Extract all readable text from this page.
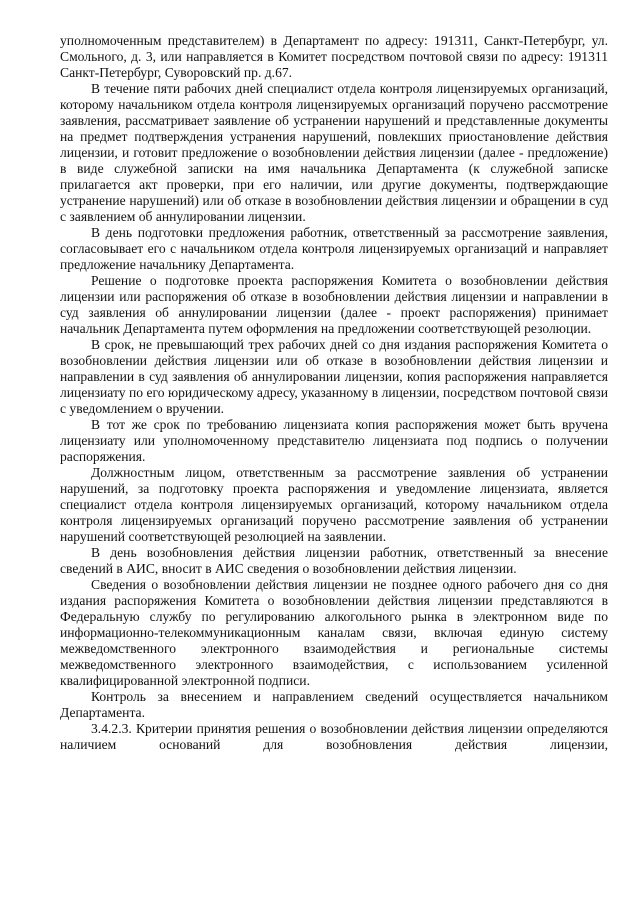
уполномоченным представителем) в Департамент по адресу: 191311, Санкт-Петербург, ул. Смольного, д. 3, или направляется в Комитет посредством почтовой связи по адресу: 191311 Санкт-Петербург, Суворовский пр. д.67.

В течение пяти рабочих дней специалист отдела контроля лицензируемых организаций, которому начальником отдела контроля лицензируемых организаций поручено рассмотрение заявления, рассматривает заявление об устранении нарушений и представленные документы на предмет подтверждения устранения нарушений, повлекших приостановление действия лицензии, и готовит предложение о возобновлении действия лицензии (далее - предложение) в виде служебной записки на имя начальника Департамента (к служебной записке прилагается акт проверки, при его наличии, или другие документы, подтверждающие устранение нарушений) или об отказе в возобновлении действия лицензии и обращении в суд с заявлением об аннулировании лицензии.

В день подготовки предложения работник, ответственный за рассмотрение заявления, согласовывает его с начальником отдела контроля лицензируемых организаций и направляет предложение начальнику Департамента.

Решение о подготовке проекта распоряжения Комитета о возобновлении действия лицензии или распоряжения об отказе в возобновлении действия лицензии и направлении в суд заявления об аннулировании лицензии (далее - проект распоряжения) принимает начальник Департамента путем оформления на предложении соответствующей резолюции.

В срок, не превышающий трех рабочих дней со дня издания распоряжения Комитета о возобновлении действия лицензии или об отказе в возобновлении действия лицензии и направлении в суд заявления об аннулировании лицензии, копия распоряжения направляется лицензиату по его юридическому адресу, указанному в лицензии, посредством почтовой связи с уведомлением о вручении.

В тот же срок по требованию лицензиата копия распоряжения может быть вручена лицензиату или уполномоченному представителю лицензиата под подпись о получении распоряжения.

Должностным лицом, ответственным за рассмотрение заявления об устранении нарушений, за подготовку проекта распоряжения и уведомление лицензиата, является специалист отдела контроля лицензируемых организаций, которому начальником отдела контроля лицензируемых организаций поручено рассмотрение заявления об устранении нарушений соответствующей резолюцией на заявлении.

В день возобновления действия лицензии работник, ответственный за внесение сведений в АИС, вносит в АИС сведения о возобновлении действия лицензии.

Сведения о возобновлении действия лицензии не позднее одного рабочего дня со дня издания распоряжения Комитета о возобновлении действия лицензии представляются в Федеральную службу по регулированию алкогольного рынка в электронном виде по информационно-телекоммуникационным каналам связи, включая единую систему межведомственного электронного взаимодействия и региональные системы межведомственного электронного взаимодействия, с использованием усиленной квалифицированной электронной подписи.

Контроль за внесением и направлением сведений осуществляется начальником Департамента.

3.4.2.3. Критерии принятия решения о возобновлении действия лицензии определяются наличием оснований для возобновления действия лицензии,
